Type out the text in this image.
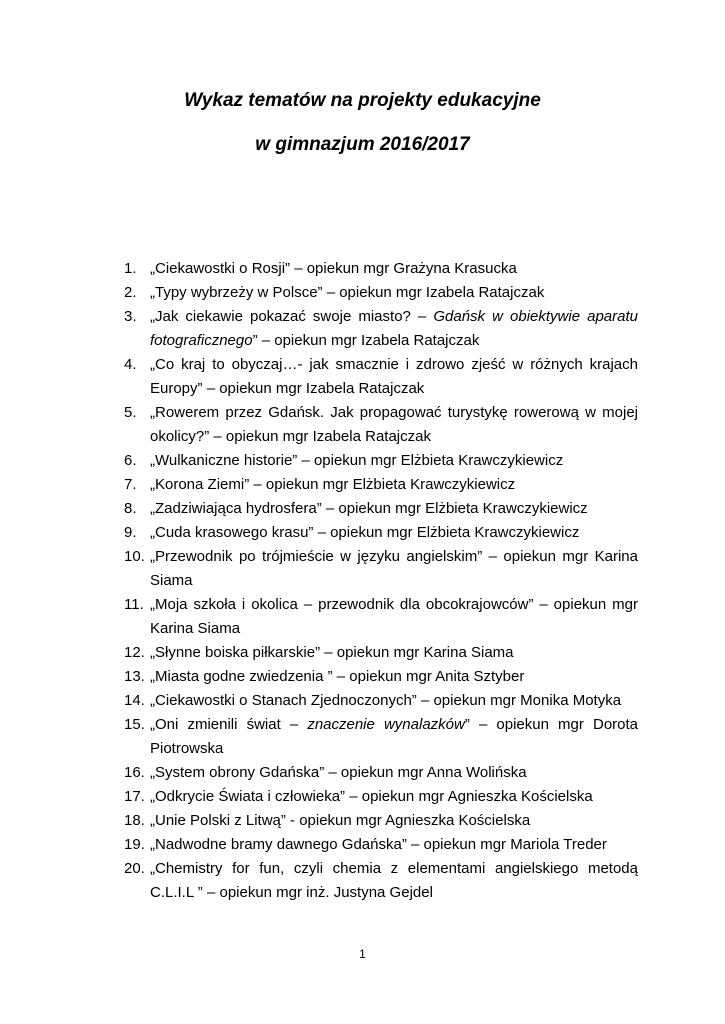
Wykaz tematów na projekty edukacyjne
w gimnazjum 2016/2017
1. „Ciekawostki o Rosji” – opiekun mgr Grażyna Krasucka
2. „Typy wybrzeży w Polsce” – opiekun mgr Izabela Ratajczak
3. „Jak ciekawie pokazać swoje miasto? – Gdańsk w obiektywie aparatu fotograficznego” – opiekun mgr Izabela Ratajczak
4. „Co kraj to obyczaj…- jak smacznie i zdrowo zjeść w różnych krajach Europy” – opiekun mgr Izabela Ratajczak
5. „Rowerem przez Gdańsk. Jak propagować turystykę rowerową w mojej okolicy?” – opiekun mgr Izabela Ratajczak
6. „Wulkaniczne historie” – opiekun mgr Elżbieta Krawczykiewicz
7. „Korona Ziemi” – opiekun mgr Elżbieta Krawczykiewicz
8. „Zadziwiająca hydrosfera” – opiekun mgr Elżbieta Krawczykiewicz
9. „Cuda krasowego krasu” – opiekun mgr Elżbieta Krawczykiewicz
10. „Przewodnik po trójmieście w języku angielskim” – opiekun mgr Karina Siama
11. „Moja szkoła i okolica – przewodnik dla obcokrajowców” – opiekun mgr Karina Siama
12. „Słynne boiska piłkarskie” – opiekun mgr Karina Siama
13. „Miasta godne zwiedzenia ” – opiekun mgr Anita Sztyber
14. „Ciekawostki o Stanach Zjednoczonych” – opiekun mgr Monika Motyka
15. „Oni zmienili świat – znaczenie wynalazków” – opiekun mgr Dorota Piotrowska
16. „System obrony Gdańska” – opiekun mgr Anna Wolińska
17. „Odkrycie Świata i człowieka” – opiekun mgr Agnieszka Kościelska
18. „Unie Polski z Litwą” - opiekun mgr Agnieszka Kościelska
19. „Nadwodne bramy dawnego Gdańska” – opiekun mgr Mariola Treder
20. „Chemistry for fun, czyli chemia z elementami angielskiego metodą C.L.I.L ” – opiekun mgr inż. Justyna Gejdel
1
